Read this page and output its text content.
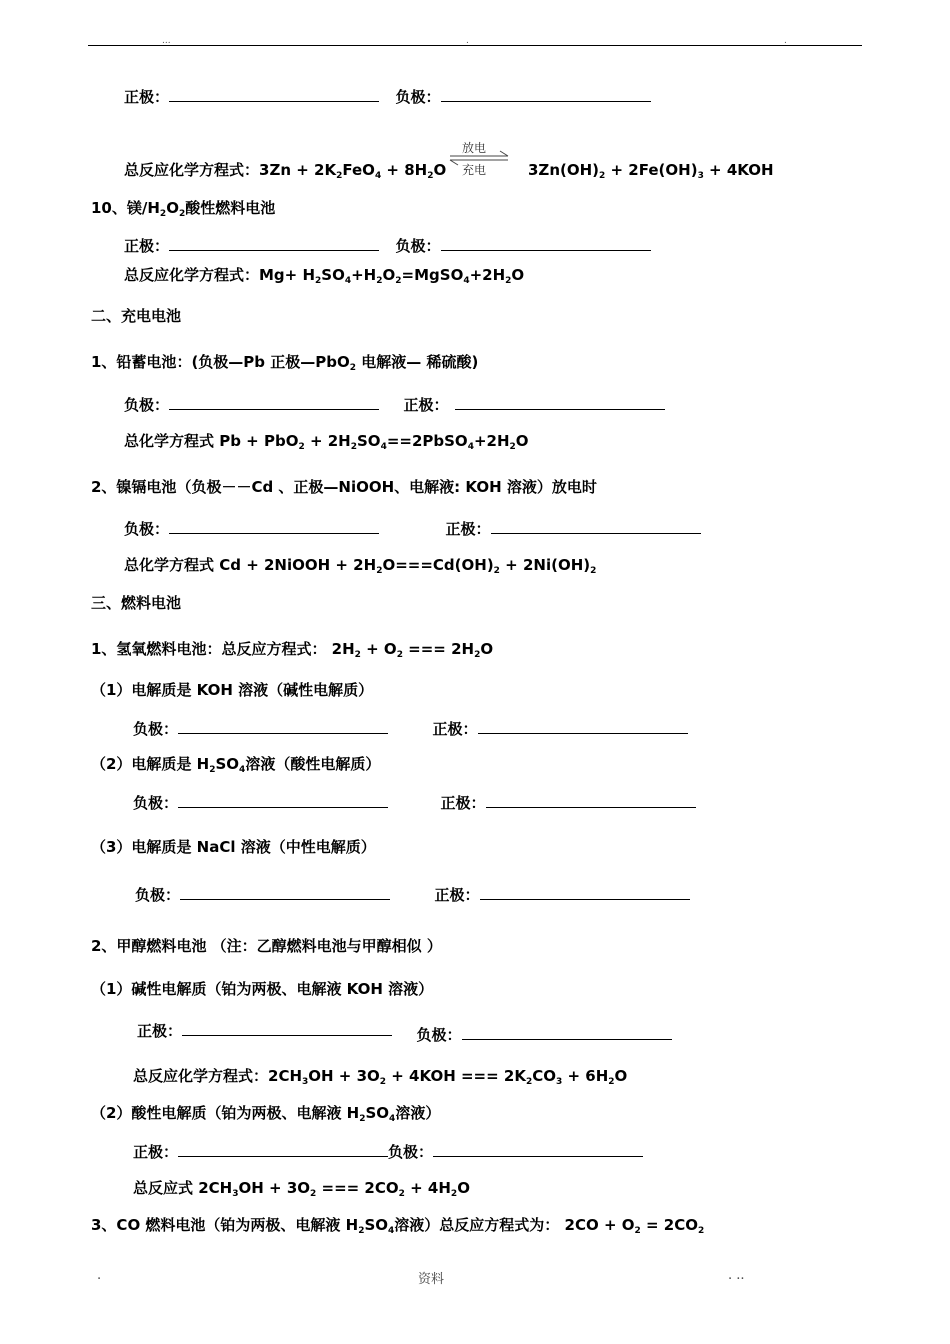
...	.	.
正极：	负极：
总反应化学方程式：$3Zn + 2K_2FeO_4 + 8H_2O$
放电
充电	$3Zn(OH)_2 + 2Fe(OH)_3 + 4KOH$
10、镁$/H_2O_2$酸性燃料电池
正极：	负极：
总反应化学方程式：$Mg+ H_2SO_4+H_2O_2=MgSO_4+2H_2O$
二、充电电池
1、铅蓄电池：(负极—Pb 正极—PbO$_2$ 电解液— 稀硫酸)
负极：	正极：
总化学方程式 $Pb + PbO_2 + 2H_2SO_4==2PbSO_4+2H_2O$
2、镍镉电池（负极－－Cd 、正极—NiOOH、电解液: KOH 溶液）放电时
负极：	正极：
总化学方程式 Cd + 2NiOOH + $2H_2O===Cd(OH)_2 + 2Ni(OH)_2$
三、燃料电池
1、氢氧燃料电池：总反应方程式： $2H_2 + O_2$ === $2H_2O$
（1）电解质是 KOH 溶液（碱性电解质）
负极：	正极：
（2）电解质是 $H_2SO_4$溶液（酸性电解质）
负极：	正极：
（3）电解质是 NaCl 溶液（中性电解质）
负极：	正极：
2、甲醇燃料电池 （注：乙醇燃料电池与甲醇相似 ）
（1）碱性电解质（铂为两极、电解液 KOH 溶液）
正极：	负极：
总反应化学方程式：$2CH_3OH + 3O_2 + 4KOH$ === $2K_2CO_3 + 6H_2O$
（2）酸性电解质（铂为两极、电解液 $H_2SO_4$溶液）
正极：	负极：
总反应式 $2CH_3OH + 3O_2$ === $2CO_2 + 4H_2O$
3、CO 燃料电池（铂为两极、电解液 $H_2SO_4$溶液）总反应方程式为： $2CO + O_2 = 2CO_2$
.	资料	. ..
